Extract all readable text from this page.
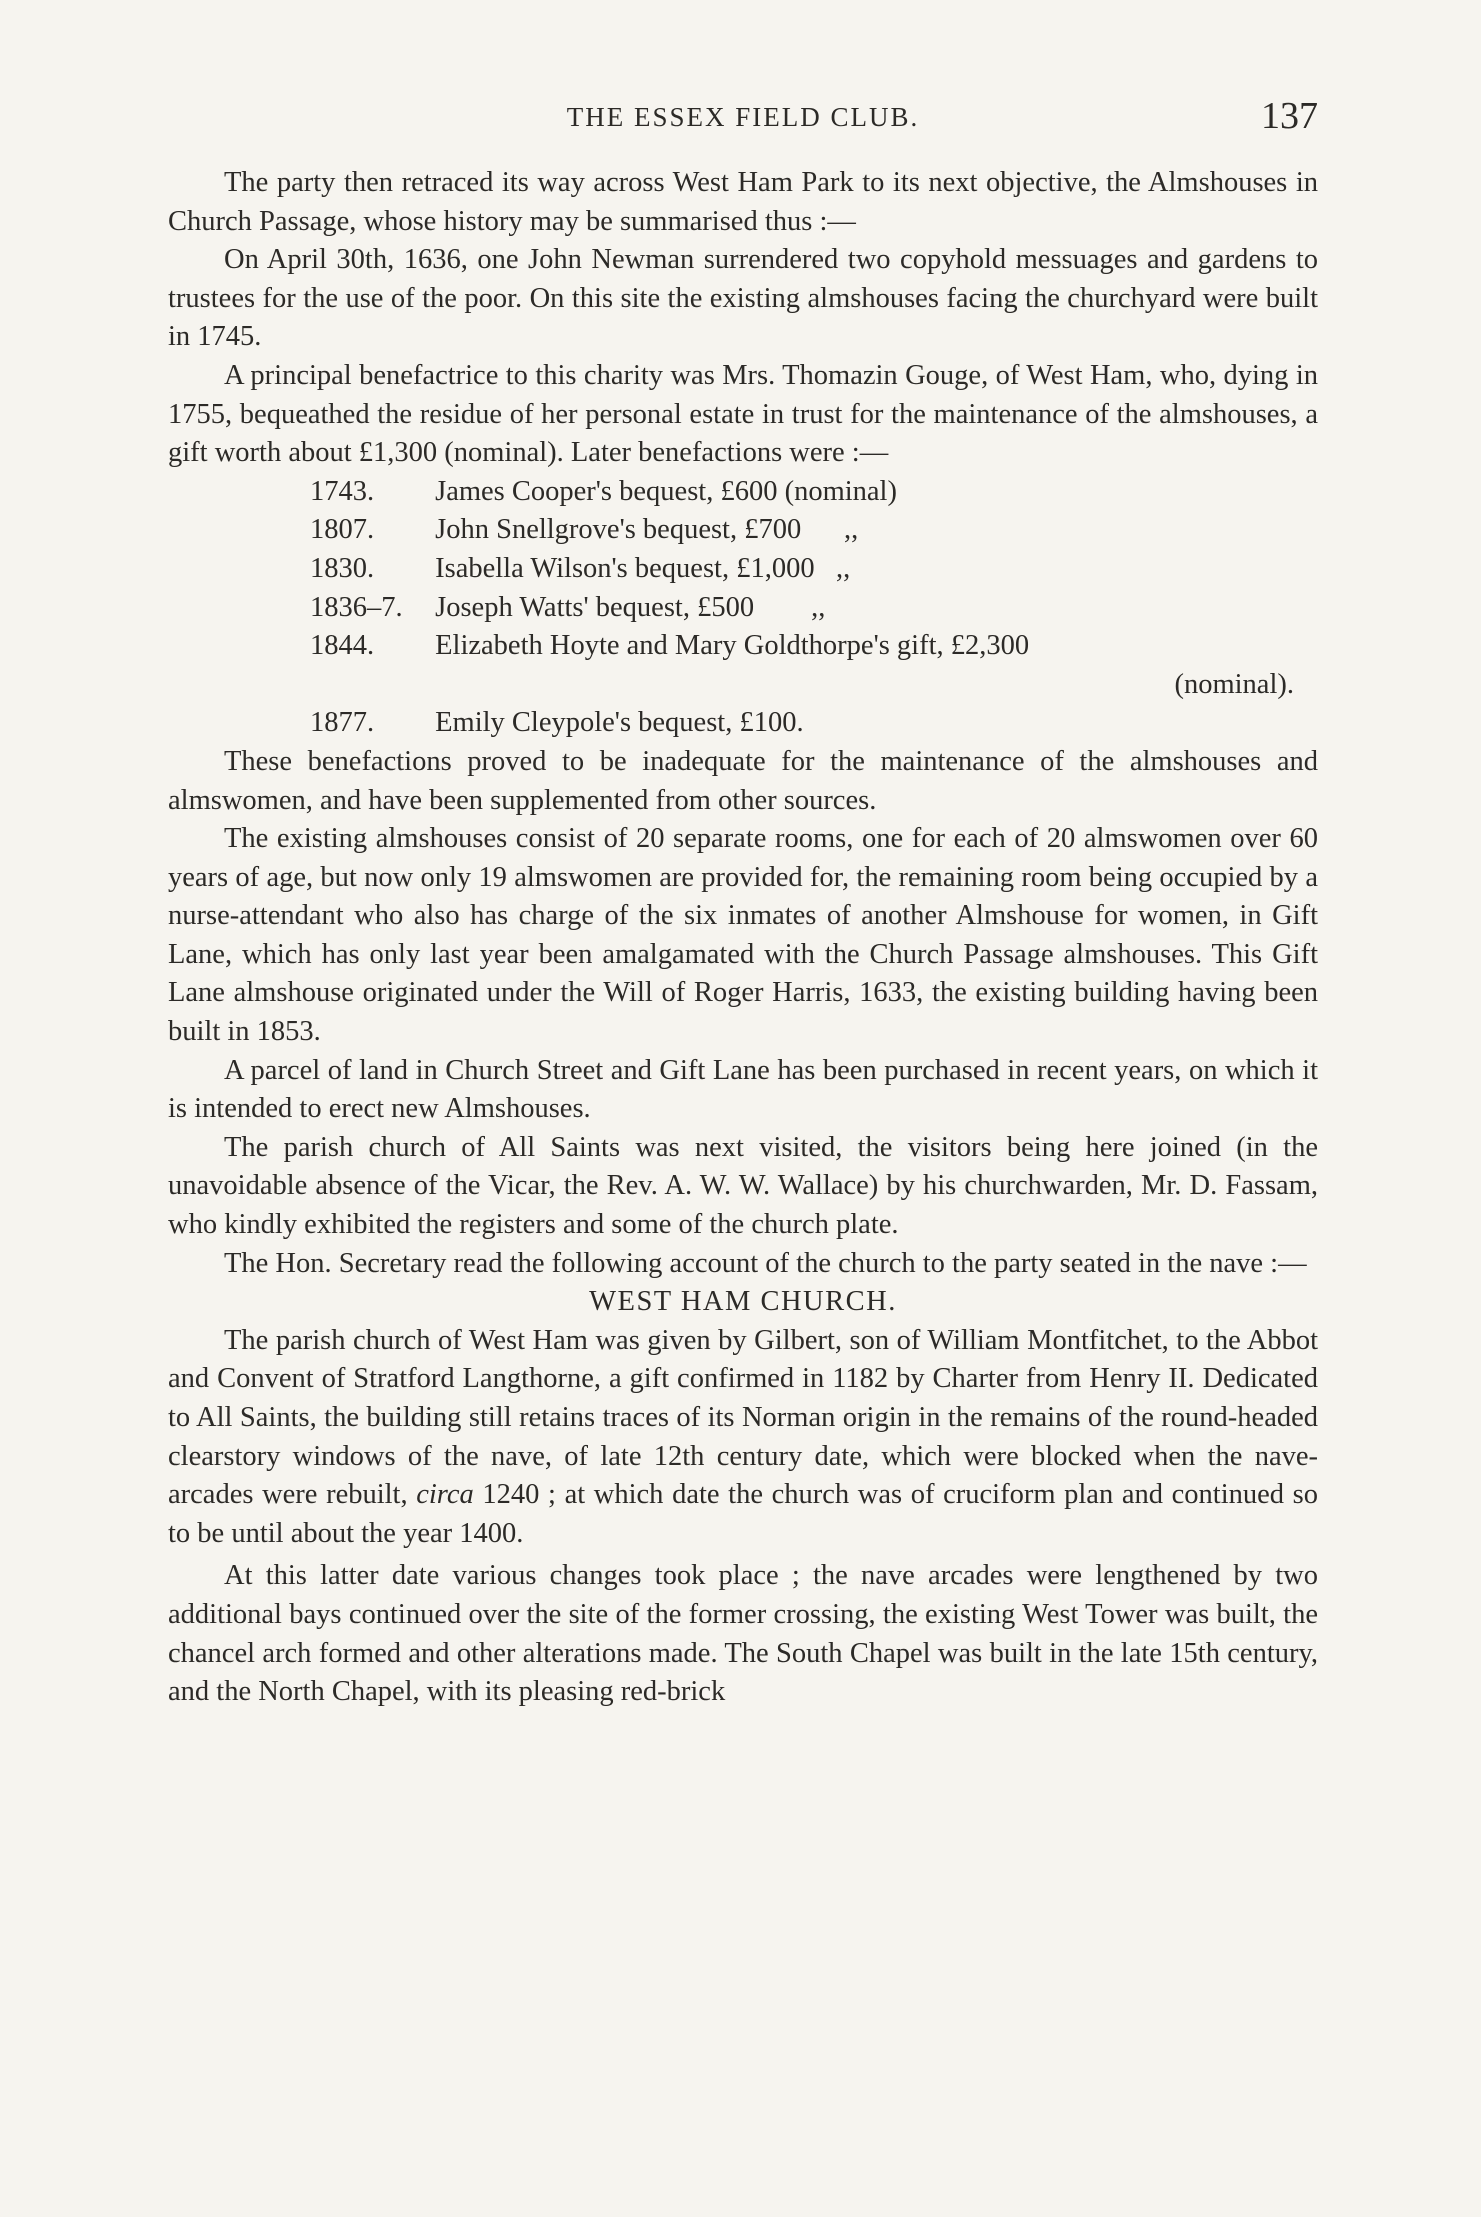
THE ESSEX FIELD CLUB.	137

The party then retraced its way across West Ham Park to its next objective, the Almshouses in Church Passage, whose history may be summarised thus :—

On April 30th, 1636, one John Newman surrendered two copyhold messuages and gardens to trustees for the use of the poor. On this site the existing almshouses facing the churchyard were built in 1745.

A principal benefactrice to this charity was Mrs. Thomazin Gouge, of West Ham, who, dying in 1755, bequeathed the residue of her personal estate in trust for the maintenance of the almshouses, a gift worth about £1,300 (nominal). Later benefactions were :—

1743. James Cooper's bequest, £600 (nominal)
1807. John Snellgrove's bequest, £700      ,,
1830. Isabella Wilson's bequest, £1,000   ,,
1836–7. Joseph Watts' bequest, £500        ,,
1844. Elizabeth Hoyte and Mary Goldthorpe's gift, £2,300
(nominal).
1877. Emily Cleypole's bequest, £100.

These benefactions proved to be inadequate for the maintenance of the almshouses and almswomen, and have been supplemented from other sources.

The existing almshouses consist of 20 separate rooms, one for each of 20 almswomen over 60 years of age, but now only 19 almswomen are provided for, the remaining room being occupied by a nurse-attendant who also has charge of the six inmates of another Almshouse for women, in Gift Lane, which has only last year been amalgamated with the Church Passage almshouses. This Gift Lane almshouse originated under the Will of Roger Harris, 1633, the existing building having been built in 1853.

A parcel of land in Church Street and Gift Lane has been purchased in recent years, on which it is intended to erect new Almshouses.

The parish church of All Saints was next visited, the visitors being here joined (in the unavoidable absence of the Vicar, the Rev. A. W. W. Wallace) by his churchwarden, Mr. D. Fassam, who kindly exhibited the registers and some of the church plate.

The Hon. Secretary read the following account of the church to the party seated in the nave :—

WEST HAM CHURCH.

The parish church of West Ham was given by Gilbert, son of William Montfitchet, to the Abbot and Convent of Stratford Langthorne, a gift confirmed in 1182 by Charter from Henry II. Dedicated to All Saints, the building still retains traces of its Norman origin in the remains of the round-headed clearstory windows of the nave, of late 12th century date, which were blocked when the nave-arcades were rebuilt, circa 1240 ; at which date the church was of cruciform plan and continued so to be until about the year 1400.

At this latter date various changes took place ; the nave arcades were lengthened by two additional bays continued over the site of the former crossing, the existing West Tower was built, the chancel arch formed and other alterations made. The South Chapel was built in the late 15th century, and the North Chapel, with its pleasing red-brick
